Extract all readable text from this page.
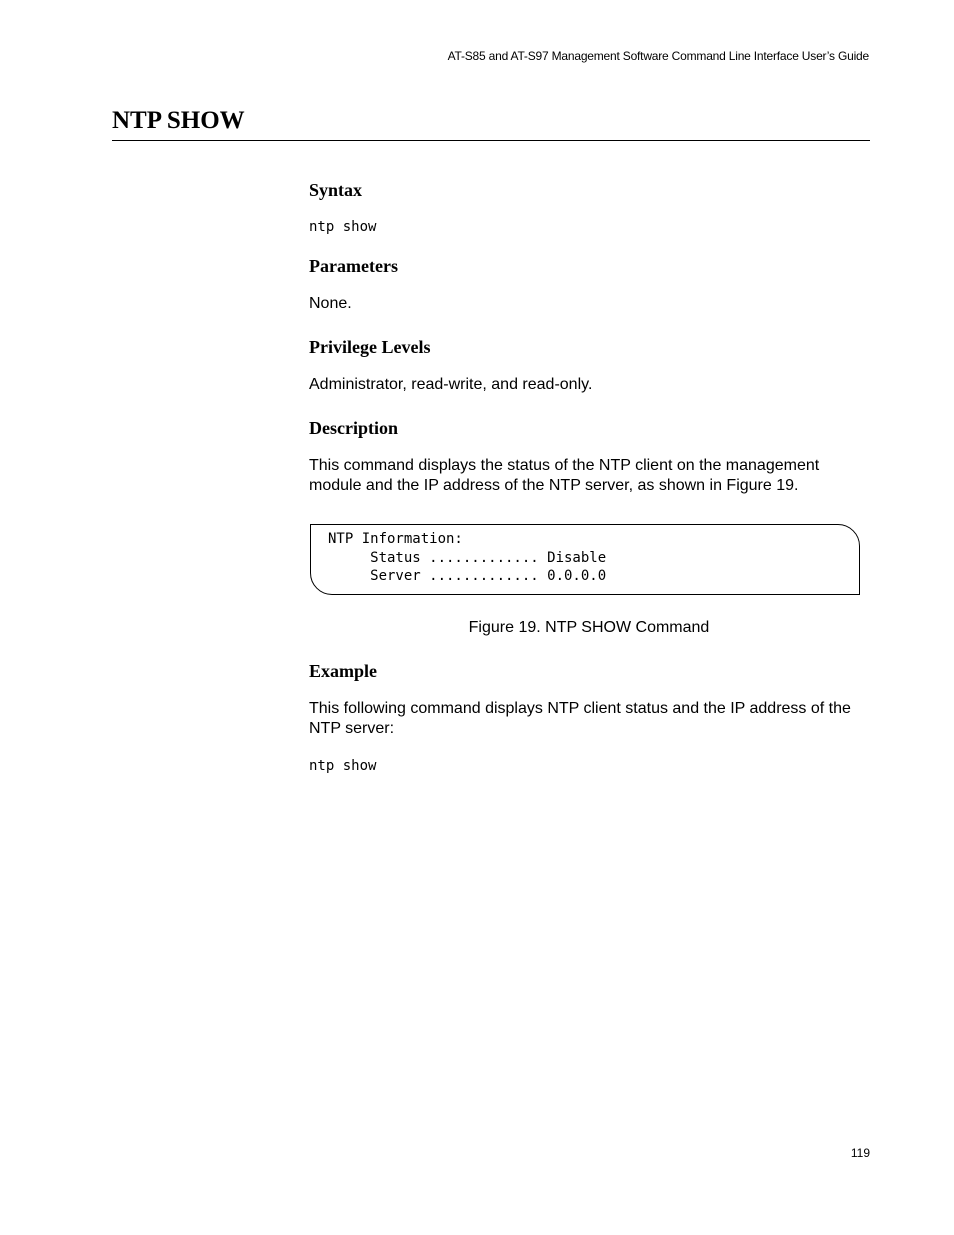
AT-S85 and AT-S97 Management Software Command Line Interface User’s Guide
NTP SHOW
Syntax
ntp show
Parameters

None.

Privilege Levels

Administrator, read-write, and read-only.

Description

This command displays the status of the NTP client on the management module and the IP address of the NTP server, as shown in Figure 19.

NTP Information:
Status ............. Disable
Server ............. 0.0.0.0

Figure 19. NTP SHOW Command

Example

This following command displays NTP client status and the IP address of the NTP server:

ntp show
119
